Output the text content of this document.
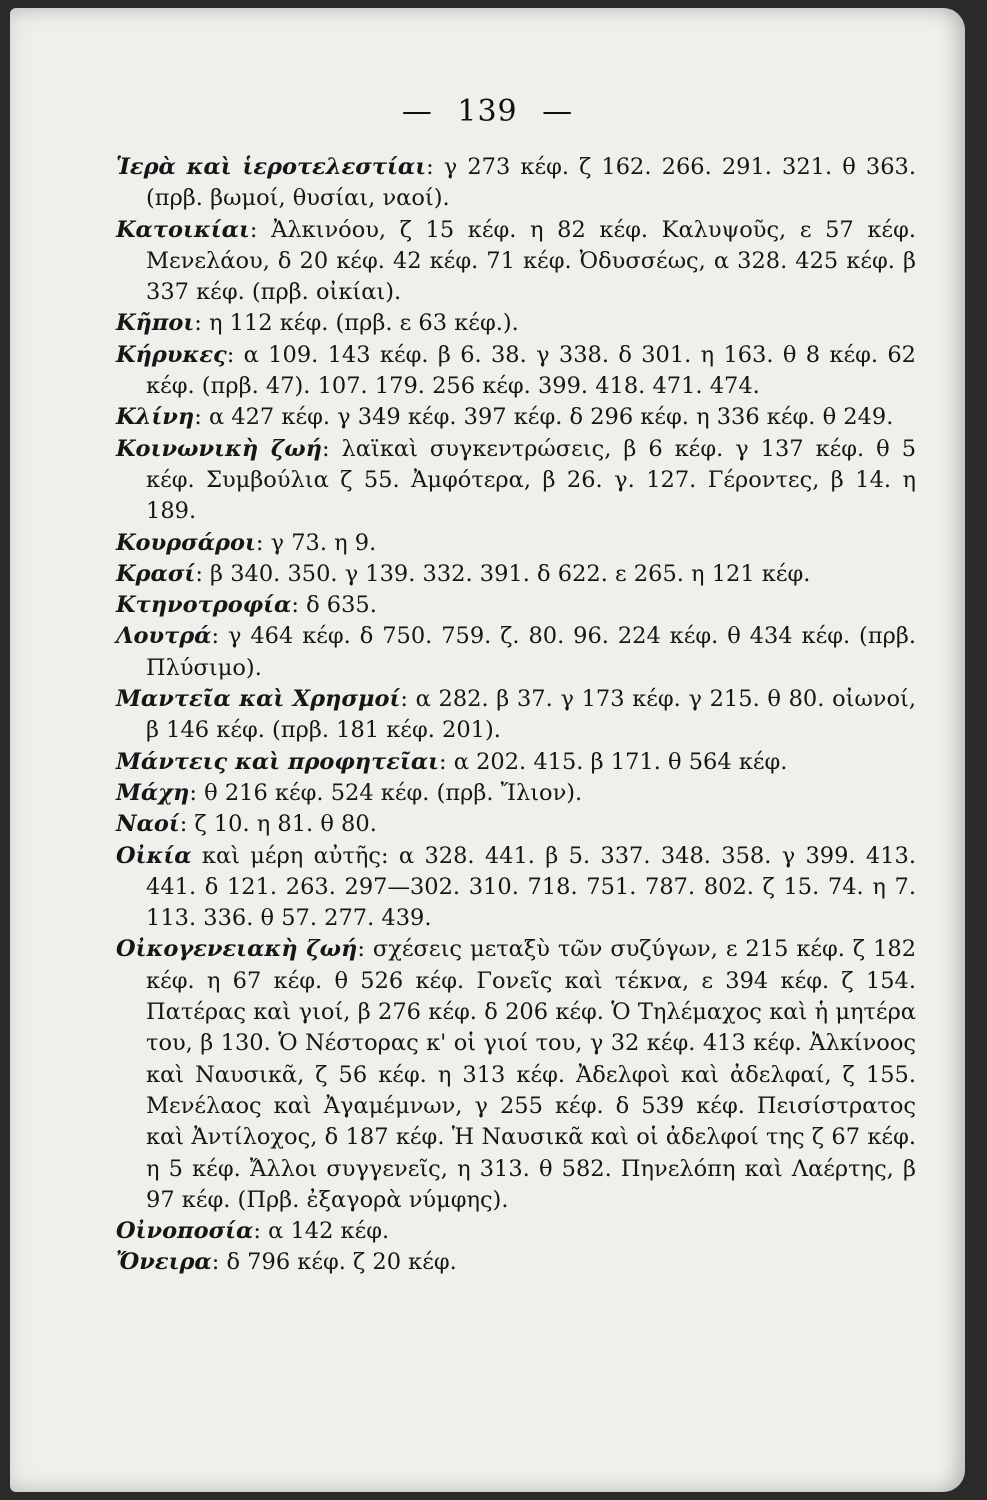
— 139 —

Ἱερὰ καὶ ἱεροτελεστίαι: γ 273 κέφ. ζ 162. 266. 291. 321. θ 363. (πρβ. βωμοί, θυσίαι, ναοί).

Κατοικίαι: Ἀλκινόου, ζ 15 κέφ. η 82 κέφ. Καλυψοῦς, ε 57 κέφ. Μενελάου, δ 20 κέφ. 42 κέφ. 71 κέφ. Ὀδυσσέως, α 328. 425 κέφ. β 337 κέφ. (πρβ. οἰκίαι).

Κῆποι: η 112 κέφ. (πρβ. ε 63 κέφ.).

Κήρυκες: α 109. 143 κέφ. β 6. 38. γ 338. δ 301. η 163. θ 8 κέφ. 62 κέφ. (πρβ. 47). 107. 179. 256 κέφ. 399. 418. 471. 474.

Κλίνη: α 427 κέφ. γ 349 κέφ. 397 κέφ. δ 296 κέφ. η 336 κέφ. θ 249.

Κοινωνικὴ ζωή: λαϊκαὶ συγκεντρώσεις, β 6 κέφ. γ 137 κέφ. θ 5 κέφ. Συμβούλια ζ 55. Ἀμφότερα, β 26. γ. 127. Γέροντες, β 14. η 189.

Κουρσάροι: γ 73. η 9.

Κρασί: β 340. 350. γ 139. 332. 391. δ 622. ε 265. η 121 κέφ.

Κτηνοτροφία: δ 635.

Λουτρά: γ 464 κέφ. δ 750. 759. ζ. 80. 96. 224 κέφ. θ 434 κέφ. (πρβ. Πλύσιμο).

Μαντεῖα καὶ Χρησμοί: α 282. β 37. γ 173 κέφ. γ 215. θ 80. οἰωνοί, β 146 κέφ. (πρβ. 181 κέφ. 201).

Μάντεις καὶ προφητεῖαι: α 202. 415. β 171. θ 564 κέφ.

Μάχη: θ 216 κέφ. 524 κέφ. (πρβ. Ἴλιον).

Ναοί: ζ 10. η 81. θ 80.

Οἰκία καὶ μέρη αὐτῆς: α 328. 441. β 5. 337. 348. 358. γ 399. 413. 441. δ 121. 263. 297—302. 310. 718. 751. 787. 802. ζ 15. 74. η 7. 113. 336. θ 57. 277. 439.

Οἰκογενειακὴ ζωή: σχέσεις μεταξὺ τῶν συζύγων, ε 215 κέφ. ζ 182 κέφ. η 67 κέφ. θ 526 κέφ. Γονεῖς καὶ τέκνα, ε 394 κέφ. ζ 154. Πατέρας καὶ γιοί, β 276 κέφ. δ 206 κέφ. Ὁ Τηλέμαχος καὶ ἡ μητέρα του, β 130. Ὁ Νέστορας κ' οἱ γιοί του, γ 32 κέφ. 413 κέφ. Ἀλκίνοος καὶ Ναυσικᾶ, ζ 56 κέφ. η 313 κέφ. Ἀδελφοὶ καὶ ἀδελφαί, ζ 155. Μενέλαος καὶ Ἀγαμέμνων, γ 255 κέφ. δ 539 κέφ. Πεισίστρατος καὶ Ἀντίλοχος, δ 187 κέφ. Ἡ Ναυσικᾶ καὶ οἱ ἀδελφοί της ζ 67 κέφ. η 5 κέφ. Ἄλλοι συγγενεῖς, η 313. θ 582. Πηνελόπη καὶ Λαέρτης, β 97 κέφ. (Πρβ. ἐξαγορὰ νύμφης).

Οἰνοποσία: α 142 κέφ.

Ὄνειρα: δ 796 κέφ. ζ 20 κέφ.
